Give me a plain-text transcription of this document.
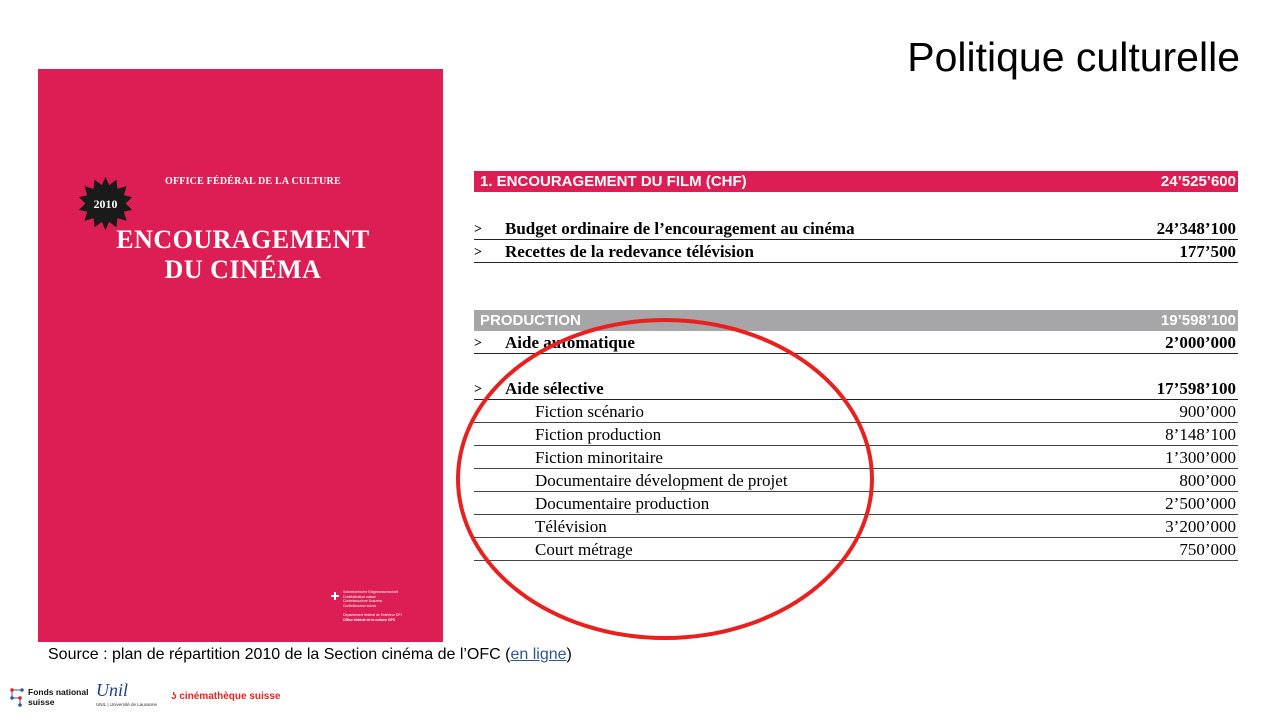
Politique culturelle
OFFICE FÉDÉRAL DE LA CULTURE
2010
ENCOURAGEMENT
DU CINÉMA
Schweizerische Eidgenossenschaft
Confédération suisse
Confederazione Svizzera
Confederaziun svizra
Département fédéral de l’intérieur DFI
Office fédéral de la culture OFC
1. ENCOURAGEMENT DU FILM (CHF)	24’525’600
> Budget ordinaire de l’encouragement au cinéma	24’348’100
> Recettes de la redevance télévision	177’500
PRODUCTION	19’598’100
> Aide automatique	2’000’000
> Aide sélective	17’598’100
Fiction scénario	900’000
Fiction production	8’148’100
Fiction minoritaire	1’300’000
Documentaire dévelopment de projet	800’000
Documentaire production	2’500’000
Télévision	3’200’000
Court métrage	750’000
Source : plan de répartition 2010 de la Section cinéma de l’OFC (en ligne)
Fonds national
suisse
Unil
UNIL | Université de Lausanne
ʖ cinémathèque suisse
